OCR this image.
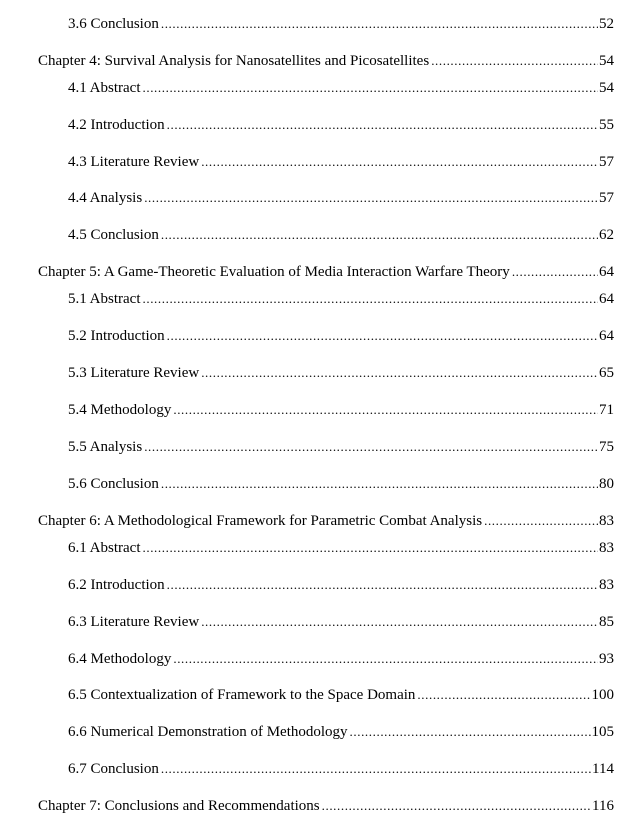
3.6 Conclusion .....	52
Chapter 4: Survival Analysis for Nanosatellites and Picosatellites .....	54
4.1 Abstract .....	54
4.2 Introduction .....	55
4.3 Literature Review .....	57
4.4 Analysis .....	57
4.5 Conclusion .....	62
Chapter 5: A Game-Theoretic Evaluation of Media Interaction Warfare Theory .....	64
5.1 Abstract .....	64
5.2 Introduction .....	64
5.3 Literature Review .....	65
5.4 Methodology .....	71
5.5 Analysis .....	75
5.6 Conclusion .....	80
Chapter 6: A Methodological Framework for Parametric Combat Analysis .....	83
6.1 Abstract .....	83
6.2 Introduction .....	83
6.3 Literature Review .....	85
6.4 Methodology .....	93
6.5 Contextualization of Framework to the Space Domain .....	100
6.6 Numerical Demonstration of Methodology .....	105
6.7 Conclusion .....	114
Chapter 7: Conclusions and Recommendations .....	116
